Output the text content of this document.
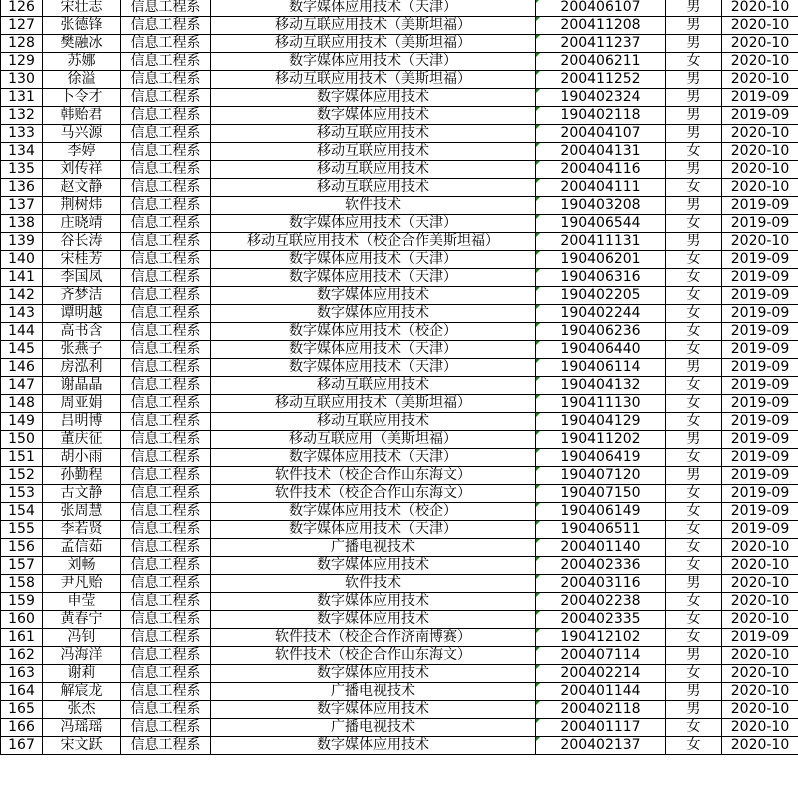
126	宋壮志	信息工程系	数字媒体应用技术（天津）	200406107	男	2020-10
127	张德锋	信息工程系	移动互联应用技术（美斯坦福）	200411208	男	2020-10
128	樊融冰	信息工程系	移动互联应用技术（美斯坦福）	200411237	男	2020-10
129	苏娜	信息工程系	数字媒体应用技术（天津）	200406211	女	2020-10
130	徐溢	信息工程系	移动互联应用技术（美斯坦福）	200411252	男	2020-10
131	卜令才	信息工程系	数字媒体应用技术	190402324	男	2019-09
132	韩贻君	信息工程系	数字媒体应用技术	190402118	男	2019-09
133	马兴源	信息工程系	移动互联应用技术	200404107	男	2020-10
134	李婷	信息工程系	移动互联应用技术	200404131	女	2020-10
135	刘传祥	信息工程系	移动互联应用技术	200404116	男	2020-10
136	赵文静	信息工程系	移动互联应用技术	200404111	女	2020-10
137	荆树炜	信息工程系	软件技术	190403208	男	2019-09
138	庄晓靖	信息工程系	数字媒体应用技术（天津）	190406544	女	2019-09
139	谷长涛	信息工程系	移动互联应用技术（校企合作美斯坦福）	200411131	男	2020-10
140	宋桂芳	信息工程系	数字媒体应用技术（天津）	190406201	女	2019-09
141	李国凤	信息工程系	数字媒体应用技术（天津）	190406316	女	2019-09
142	齐梦洁	信息工程系	数字媒体应用技术	190402205	女	2019-09
143	谭明越	信息工程系	数字媒体应用技术	190402244	女	2019-09
144	高书含	信息工程系	数字媒体应用技术（校企）	190406236	女	2019-09
145	张燕子	信息工程系	数字媒体应用技术（天津）	190406440	女	2019-09
146	房泓利	信息工程系	数字媒体应用技术（天津）	190406114	男	2019-09
147	谢晶晶	信息工程系	移动互联应用技术	190404132	女	2019-09
148	周亚娟	信息工程系	移动互联应用技术（美斯坦福）	190411130	女	2019-09
149	吕明博	信息工程系	移动互联应用技术	190404129	女	2019-09
150	董庆征	信息工程系	移动互联应用（美斯坦福）	190411202	男	2019-09
151	胡小雨	信息工程系	数字媒体应用技术（天津）	190406419	女	2019-09
152	孙勤程	信息工程系	软件技术（校企合作山东海文）	190407120	男	2019-09
153	古文静	信息工程系	软件技术（校企合作山东海文）	190407150	女	2019-09
154	张周慧	信息工程系	数字媒体应用技术（校企）	190406149	女	2019-09
155	李若贤	信息工程系	数字媒体应用技术（天津）	190406511	女	2019-09
156	孟信茹	信息工程系	广播电视技术	200401140	女	2020-10
157	刘畅	信息工程系	数字媒体应用技术	200402336	女	2020-10
158	尹凡贻	信息工程系	软件技术	200403116	男	2020-10
159	申莹	信息工程系	数字媒体应用技术	200402238	女	2020-10
160	黄春宁	信息工程系	数字媒体应用技术	200402335	女	2020-10
161	冯钊	信息工程系	软件技术（校企合作济南博赛）	190412102	女	2019-09
162	冯海洋	信息工程系	软件技术（校企合作山东海文）	200407114	男	2020-10
163	谢莉	信息工程系	数字媒体应用技术	200402214	女	2020-10
164	解宸龙	信息工程系	广播电视技术	200401144	男	2020-10
165	张杰	信息工程系	数字媒体应用技术	200402118	男	2020-10
166	冯瑶瑶	信息工程系	广播电视技术	200401117	女	2020-10
167	宋文跃	信息工程系	数字媒体应用技术	200402137	女	2020-10
